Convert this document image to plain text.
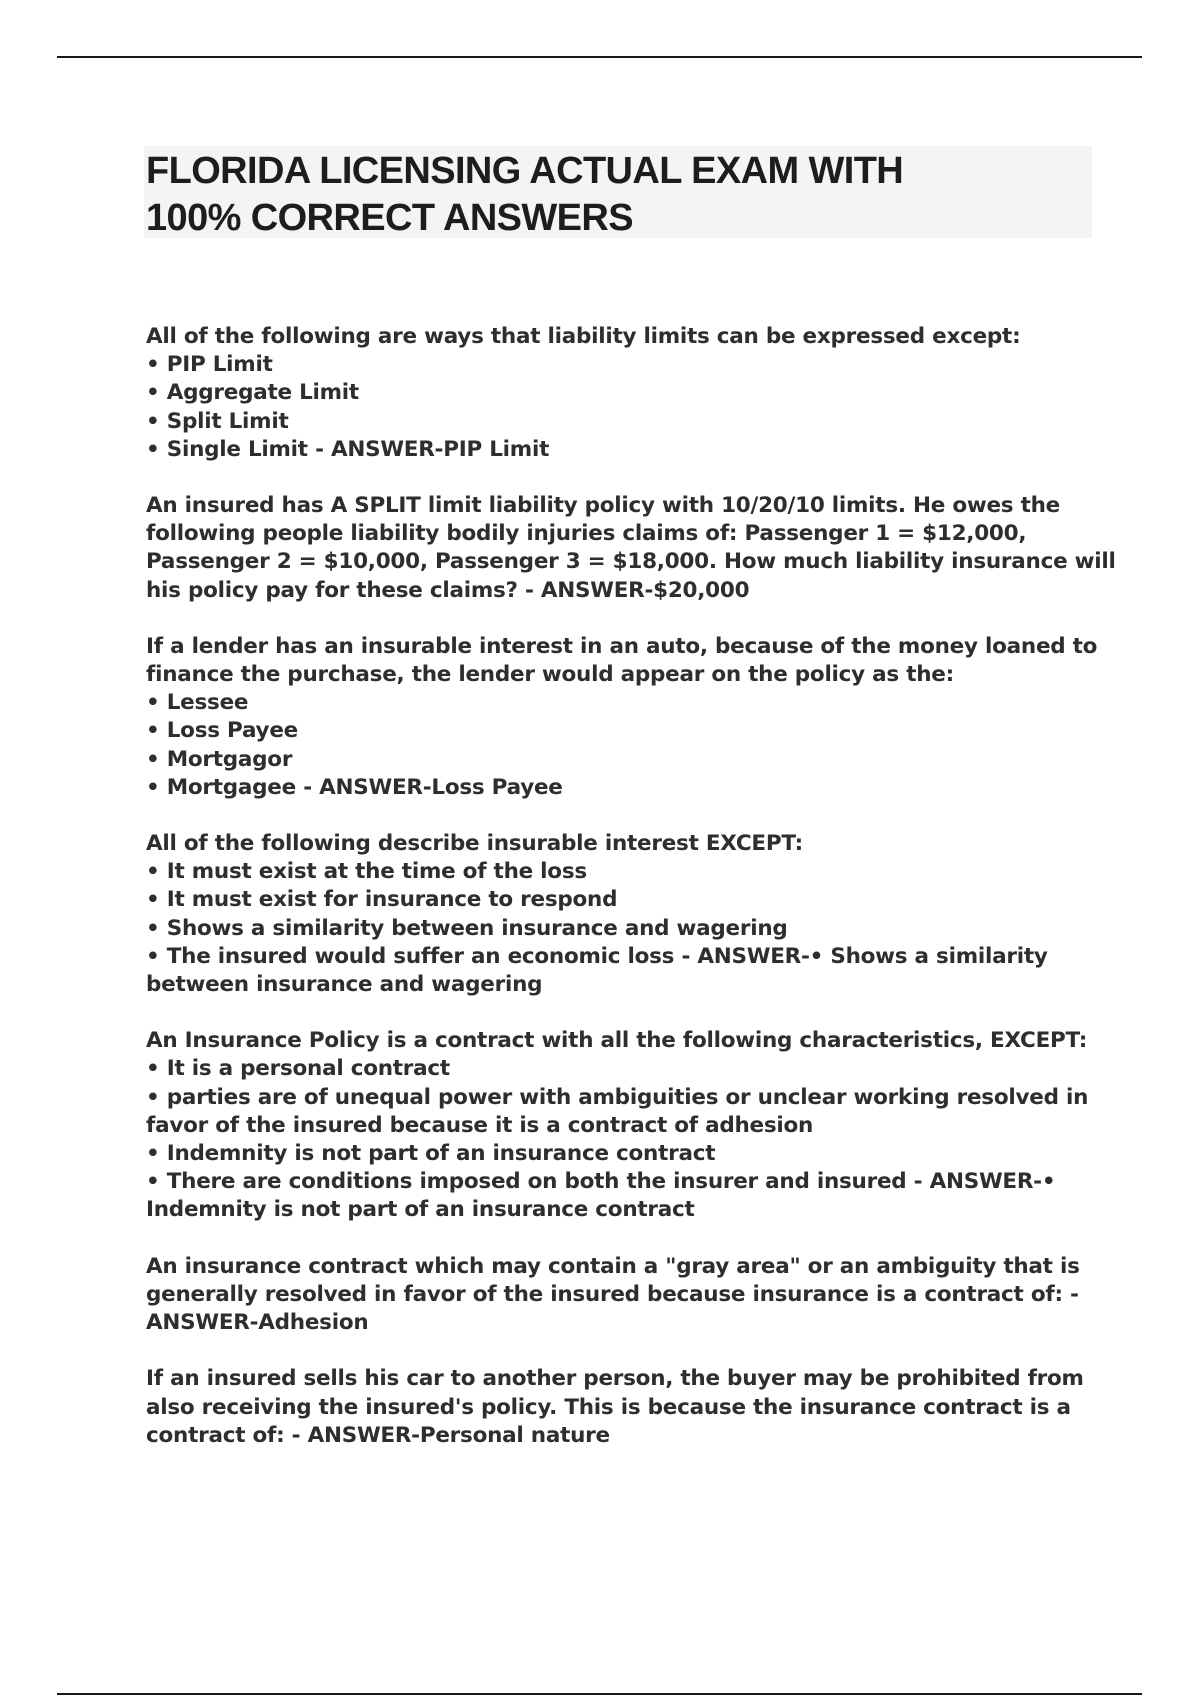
FLORIDA LICENSING ACTUAL EXAM WITH
100% CORRECT ANSWERS
All of the following are ways that liability limits can be expressed except:
• PIP Limit
• Aggregate Limit
• Split Limit
• Single Limit - ANSWER-PIP Limit
An insured has A SPLIT limit liability policy with 10/20/10 limits. He owes the
following people liability bodily injuries claims of: Passenger 1 = $12,000,
Passenger 2 = $10,000, Passenger 3 = $18,000. How much liability insurance will
his policy pay for these claims? - ANSWER-$20,000
If a lender has an insurable interest in an auto, because of the money loaned to
finance the purchase, the lender would appear on the policy as the:
• Lessee
• Loss Payee
• Mortgagor
• Mortgagee - ANSWER-Loss Payee
All of the following describe insurable interest EXCEPT:
• It must exist at the time of the loss
• It must exist for insurance to respond
• Shows a similarity between insurance and wagering
• The insured would suffer an economic loss - ANSWER-• Shows a similarity
between insurance and wagering
An Insurance Policy is a contract with all the following characteristics, EXCEPT:
• It is a personal contract
• parties are of unequal power with ambiguities or unclear working resolved in
favor of the insured because it is a contract of adhesion
• Indemnity is not part of an insurance contract
• There are conditions imposed on both the insurer and insured - ANSWER-•
Indemnity is not part of an insurance contract
An insurance contract which may contain a "gray area" or an ambiguity that is
generally resolved in favor of the insured because insurance is a contract of: -
ANSWER-Adhesion
If an insured sells his car to another person, the buyer may be prohibited from
also receiving the insured's policy. This is because the insurance contract is a
contract of: - ANSWER-Personal nature
